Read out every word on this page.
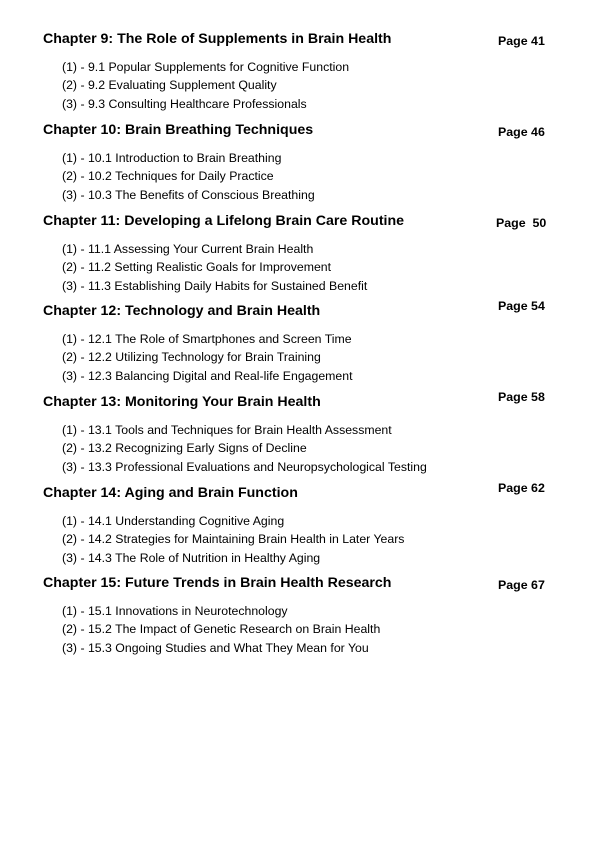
Chapter 9: The Role of Supplements in Brain Health	Page 41
(1) - 9.1 Popular Supplements for Cognitive Function
(2) - 9.2 Evaluating Supplement Quality
(3) - 9.3 Consulting Healthcare Professionals
Chapter 10: Brain Breathing Techniques	Page 46
(1) - 10.1 Introduction to Brain Breathing
(2) - 10.2 Techniques for Daily Practice
(3) - 10.3 The Benefits of Conscious Breathing
Chapter 11: Developing a Lifelong Brain Care Routine	Page  50
(1) - 11.1 Assessing Your Current Brain Health
(2) - 11.2 Setting Realistic Goals for Improvement
(3) - 11.3 Establishing Daily Habits for Sustained Benefit
Chapter 12: Technology and Brain Health	Page 54
(1) - 12.1 The Role of Smartphones and Screen Time
(2) - 12.2 Utilizing Technology for Brain Training
(3) - 12.3 Balancing Digital and Real-life Engagement
Chapter 13: Monitoring Your Brain Health	Page 58
(1) - 13.1 Tools and Techniques for Brain Health Assessment
(2) - 13.2 Recognizing Early Signs of Decline
(3) - 13.3 Professional Evaluations and Neuropsychological Testing
Chapter 14: Aging and Brain Function	Page 62
(1) - 14.1 Understanding Cognitive Aging
(2) - 14.2 Strategies for Maintaining Brain Health in Later Years
(3) - 14.3 The Role of Nutrition in Healthy Aging
Chapter 15: Future Trends in Brain Health Research	Page 67
(1) - 15.1 Innovations in Neurotechnology
(2) - 15.2 The Impact of Genetic Research on Brain Health
(3) - 15.3 Ongoing Studies and What They Mean for You
